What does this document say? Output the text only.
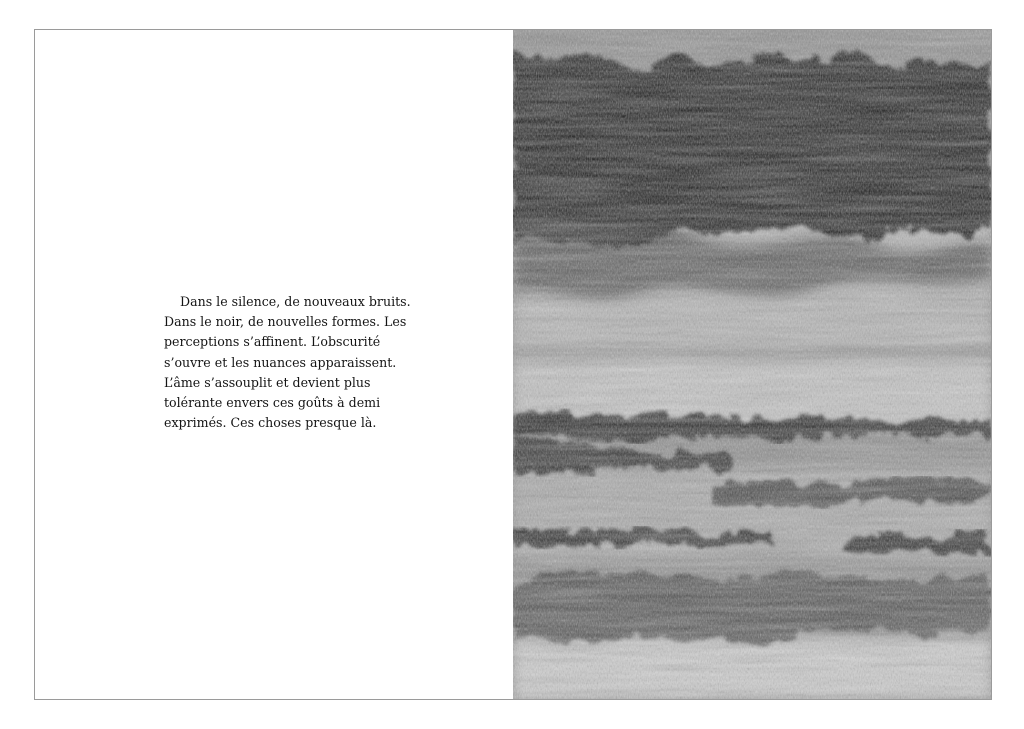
Dans le silence, de nouveaux bruits.
Dans le noir, de nouvelles formes. Les
perceptions s’affinent. L’obscurité
s’ouvre et les nuances apparaissent.
L’âme s’assouplit et devient plus
tolérante envers ces goûts à demi
exprimés. Ces choses presque là.
